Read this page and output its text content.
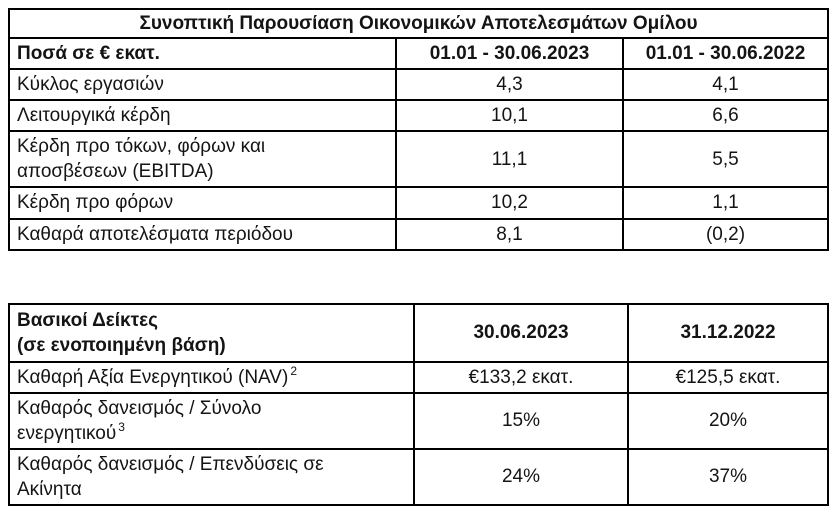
Συνοπτική Παρουσίαση Οικονομικών Αποτελεσμάτων Ομίλου		
Ποσά σε € εκατ.	01.01 - 30.06.2023	01.01 - 30.06.2022
Κύκλος εργασιών	4,3	4,1
Λειτουργικά κέρδη	10,1	6,6
Κέρδη προ τόκων, φόρων και αποσβέσεων (EBITDA)	11,1	5,5
Κέρδη προ φόρων	10,2	1,1
Καθαρά αποτελέσματα περιόδου	8,1	(0,2)
Βασικοί Δείκτες
(σε ενοποιημένη βάση)	30.06.2023	31.12.2022
Καθαρή Αξία Ενεργητικού (NAV) $^2$	€133,2 εκατ.	€125,5 εκατ.
Καθαρός δανεισμός / Σύνολο ενεργητικού $^3$	15%	20%
Καθαρός δανεισμός / Επενδύσεις σε Ακίνητα	24%	37%
